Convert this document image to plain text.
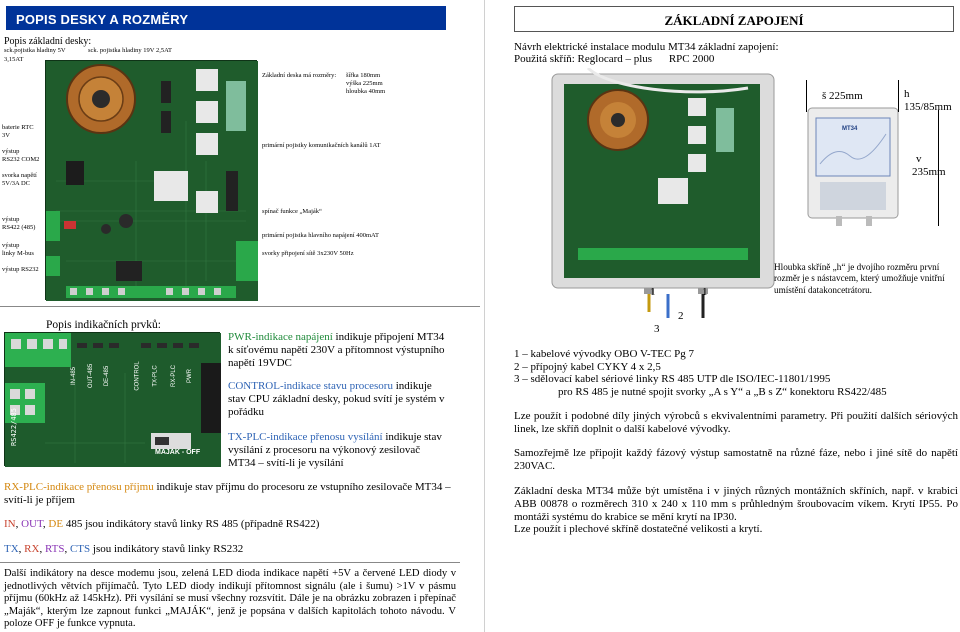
POPIS DESKY A ROZMĚRY
Popis základní desky:
sck.pojistka hladiny 5V	sck. pojistka hladiny 19V 2,5AT
3,15AT
baterie RTC
3V
výstup
RS232 COM2
svorka napětí
5V/3A DC
výstup
RS422 (485)
výstup
linky M-bus
výstup RS232
Základní deska má rozměry: šířka 180mm
výška 225mm
hloubka 40mm
primární pojistky komunikačních kanálů 1AT
spínač funkce „Maják“
primární pojistka hlavního napájení 400mAT
svorky připojení sítě 3x230V 50Hz
Popis indikačních prvků:
RS422/485
MAJAK - OFF
IN-485 OUT-485 DE-485	CONTROL TX-PLC RX-PLC PWR
PWR-indikace napájení indikuje připojení MT34 k síťovému napětí 230V a přítomnost výstupního napětí 19VDC
CONTROL-indikace stavu procesoru indikuje stav CPU základní desky, pokud svítí je systém v pořádku
TX-PLC-indikace přenosu vysílání indikuje stav vysílání z procesoru na výkonový zesilovač MT34 – svítí-li je vysílání
RX-PLC-indikace přenosu příjmu indikuje stav příjmu do procesoru ze vstupního zesilovače MT34 – svítí-li je příjem
IN, OUT, DE 485 jsou indikátory stavů linky RS 485 (případně RS422)
TX, RX, RTS, CTS jsou indikátory stavů linky RS232
Další indikátory na desce modemu jsou, zelená LED dioda indikace napětí +5V a červené LED diody v jednotlivých větvích přijímačů. Tyto LED diody indikují přítomnost signálu (ale i šumu) >1V v pásmu příjmu (60kHz až 145kHz). Při vysílání se musí všechny rozsvítit. Dále je na obrázku zobrazen i přepínač „Maják“, kterým lze zapnout funkci „MAJÁK“, jenž je popsána v dalších kapitolách tohoto návodu. V poloze OFF je funkce vypnuta.
ZÁKLADNÍ ZAPOJENÍ
Návrh elektrické instalace modulu MT34 základní zapojení:
Použitá skříň: Reglocard – plus RPC 2000
MT34
š 225mm	h
135/85mm
v
235mm
Hloubka skříně „h“ je dvojího rozměru první rozměr je s nástavcem, který umožňuje vnitřní umístění datakoncetrátoru.
1	1
2
3
1 – kabelové vývodky OBO V-TEC Pg 7
2 – přípojný kabel CYKY 4 x 2,5
3 – sdělovací kabel sériové linky RS 485 UTP dle ISO/IEC-11801/1995
pro RS 485 je nutné spojit svorky „A s Y“ a „B s Z“ konektoru RS422/485
Lze použít i podobné díly jiných výrobců s ekvivalentními parametry. Při použití dalších sériových linek, lze skříň doplnit o další kabelové vývodky.
Samozřejmě lze připojit každý fázový výstup samostatně na různé fáze, nebo i jiné sítě do napětí 230VAC.
Základní deska MT34 může být umístěna i v jiných různých montážních skříních, např. v krabici ABB 00878 o rozměrech 310 x 240 x 110 mm s průhledným šroubovacím víkem. Krytí IP55. Po montáži systému do krabice se mění krytí na IP30.
Lze použít i plechové skříně dostatečné velikosti a krytí.
